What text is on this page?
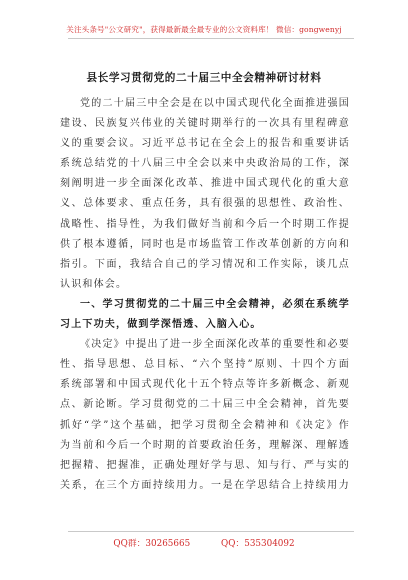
关注头条号"公文研究"，获得最新最全最专业的公文资料库！ 微信：gongwenyj
县长学习贯彻党的二十届三中全会精神研讨材料
党的二十届三中全会是在以中国式现代化全面推进强国
建设、民族复兴伟业的关键时期举行的一次具有里程碑意
义的重要会议。习近平总书记在全会上的报告和重要讲话
系统总结党的十八届三中全会以来中央政治局的工作，深
刻阐明进一步全面深化改革、推进中国式现代化的重大意
义、总体要求、重点任务，具有很强的思想性、政治性、
战略性、指导性，为我们做好当前和今后一个时期工作提
供了根本遵循，同时也是市场监管工作改革创新的方向和
指引。下面，我结合自己的学习情况和工作实际，谈几点
认识和体会。
一、学习贯彻党的二十届三中全会精神，必须在系统学
习上下功夫，做到学深悟透、入脑入心。
《决定》中提出了进一步全面深化改革的重要性和必要
性、指导思想、总目标、“六个坚持”原则、十四个方面
系统部署和中国式现代化十五个特点等许多新概念、新观
点、新论断。学习贯彻党的二十届三中全会精神，首先要
抓好“学”这个基础，把学习贯彻全会精神和《决定》作
为当前和今后一个时期的首要政治任务，理解深、理解透
把握精、把握准，正确处理好学与思、知与行、严与实的
关系，在三个方面持续用力。一是在学思结合上持续用力
QQ群：30265665	QQ：535304092
